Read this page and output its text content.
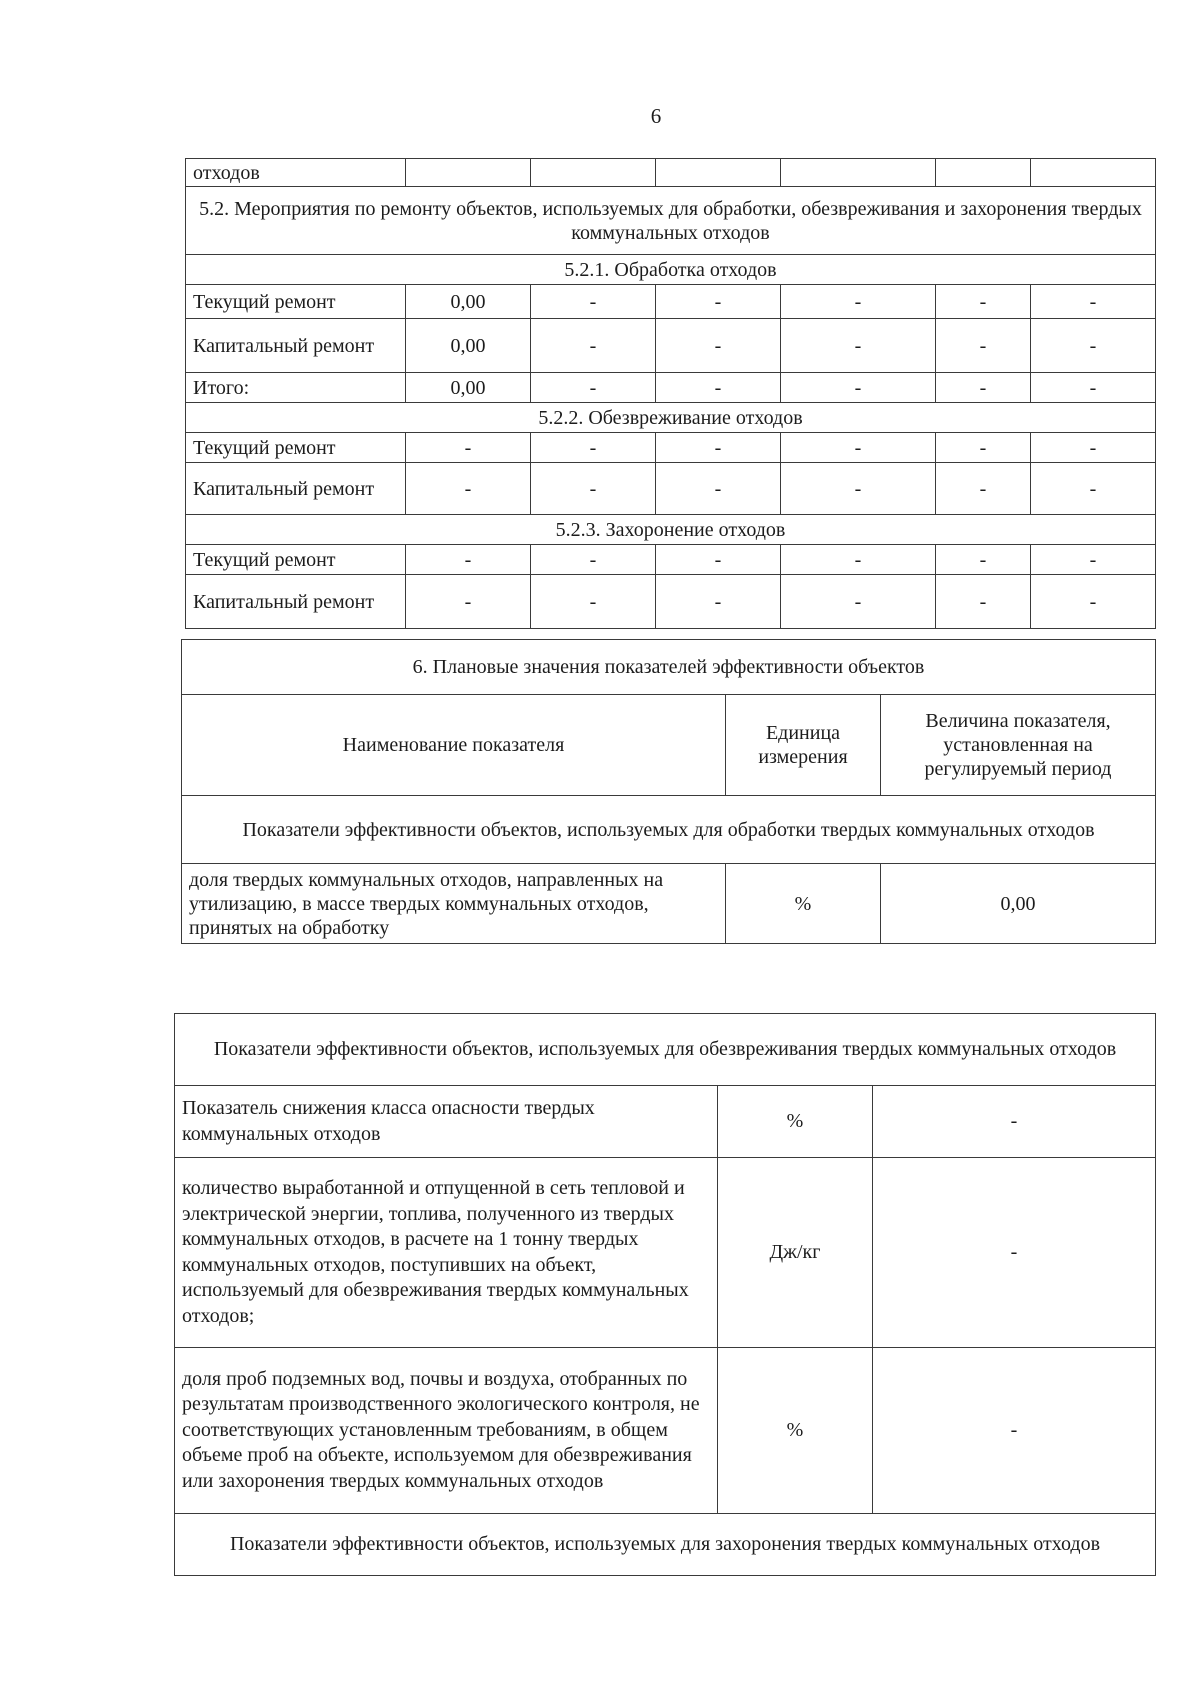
6
отходов						
5.2. Мероприятия по ремонту объектов, используемых для обработки, обезвреживания и захоронения твердых коммунальных отходов						
5.2.1. Обработка отходов						
Текущий ремонт	0,00	-	-	-	-	-
Капитальный ремонт	0,00	-	-	-	-	-
Итого:	0,00	-	-	-	-	-
5.2.2. Обезвреживание отходов						
Текущий ремонт	-	-	-	-	-	-
Капитальный ремонт	-	-	-	-	-	-
5.2.3. Захоронение отходов						
Текущий ремонт	-	-	-	-	-	-
Капитальный ремонт	-	-	-	-	-	-
6. Плановые значения показателей эффективности объектов		
Наименование показателя	Единица измерения	Величина показателя, установленная на регулируемый период
Показатели эффективности объектов, используемых для обработки твердых коммунальных отходов		
доля твердых коммунальных отходов, направленных на утилизацию, в массе твердых коммунальных отходов, принятых на обработку	%	0,00
Показатели эффективности объектов, используемых для обезвреживания твердых коммунальных отходов		
Показатель снижения класса опасности твердых коммунальных отходов	%	-
количество выработанной и отпущенной в сеть тепловой и электрической энергии, топлива, полученного из твердых коммунальных отходов, в расчете на 1 тонну твердых коммунальных отходов, поступивших на объект, используемый для обезвреживания твердых коммунальных отходов;	Дж/кг	-
доля проб подземных вод, почвы и воздуха, отобранных по результатам производственного экологического контроля, не соответствующих установленным требованиям, в общем объеме проб на объекте, используемом для обезвреживания или захоронения твердых коммунальных отходов	%	-
Показатели эффективности объектов, используемых для захоронения твердых коммунальных отходов		
